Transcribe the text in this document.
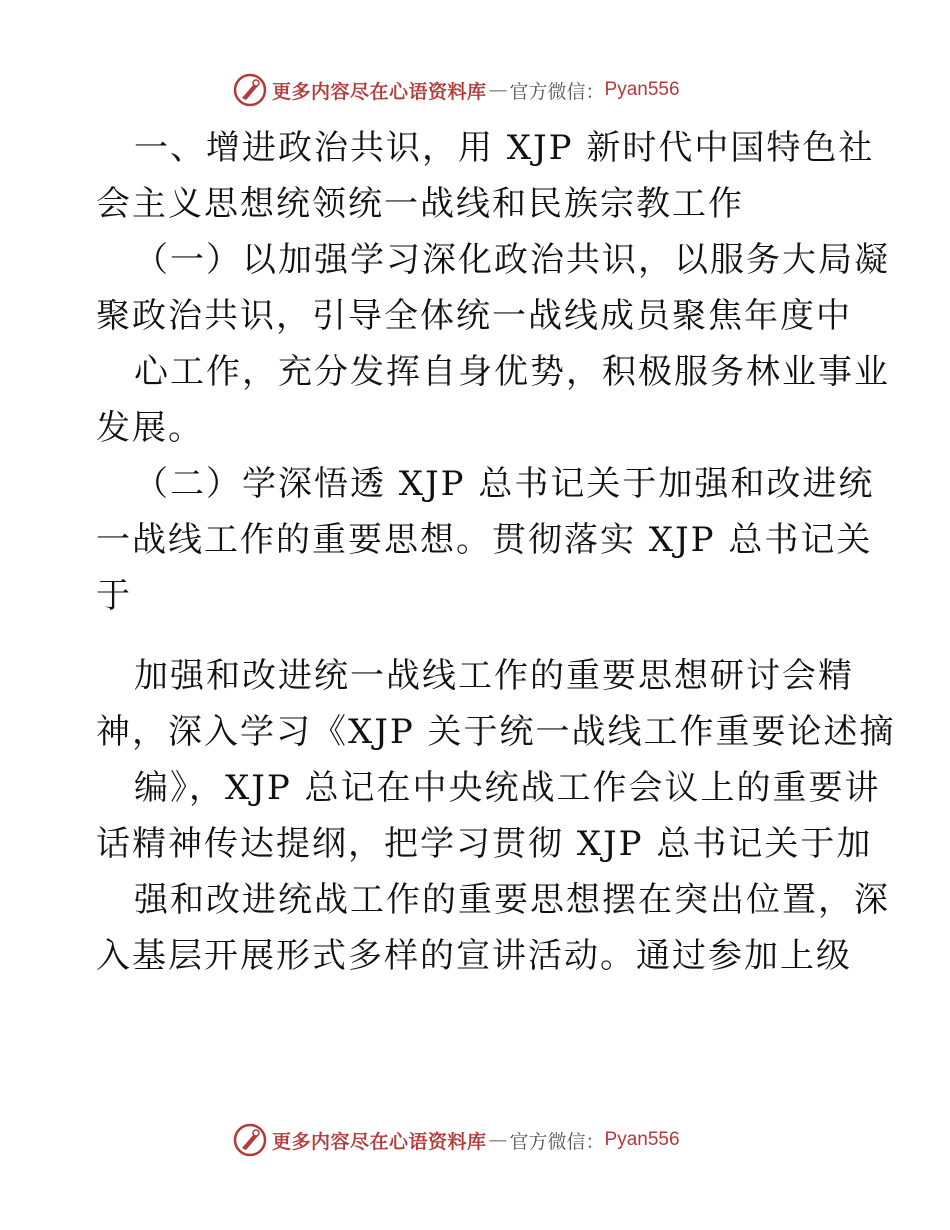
更多内容尽在心语资料库 — 官方微信： Pyan556
一、增进政治共识，用 XJP 新时代中国特色社
会主义思想统领统一战线和民族宗教工作
（一）以加强学习深化政治共识，以服务大局凝
聚政治共识，引导全体统一战线成员聚焦年度中
心工作，充分发挥自身优势，积极服务林业事业
发展。
（二）学深悟透 XJP 总书记关于加强和改进统
一战线工作的重要思想。贯彻落实 XJP 总书记关
于
加强和改进统一战线工作的重要思想研讨会精
神，深入学习《XJP 关于统一战线工作重要论述摘
编》，XJP 总记在中央统战工作会议上的重要讲
话精神传达提纲，把学习贯彻 XJP 总书记关于加
强和改进统战工作的重要思想摆在突出位置，深
入基层开展形式多样的宣讲活动。通过参加上级
更多内容尽在心语资料库 — 官方微信： Pyan556
